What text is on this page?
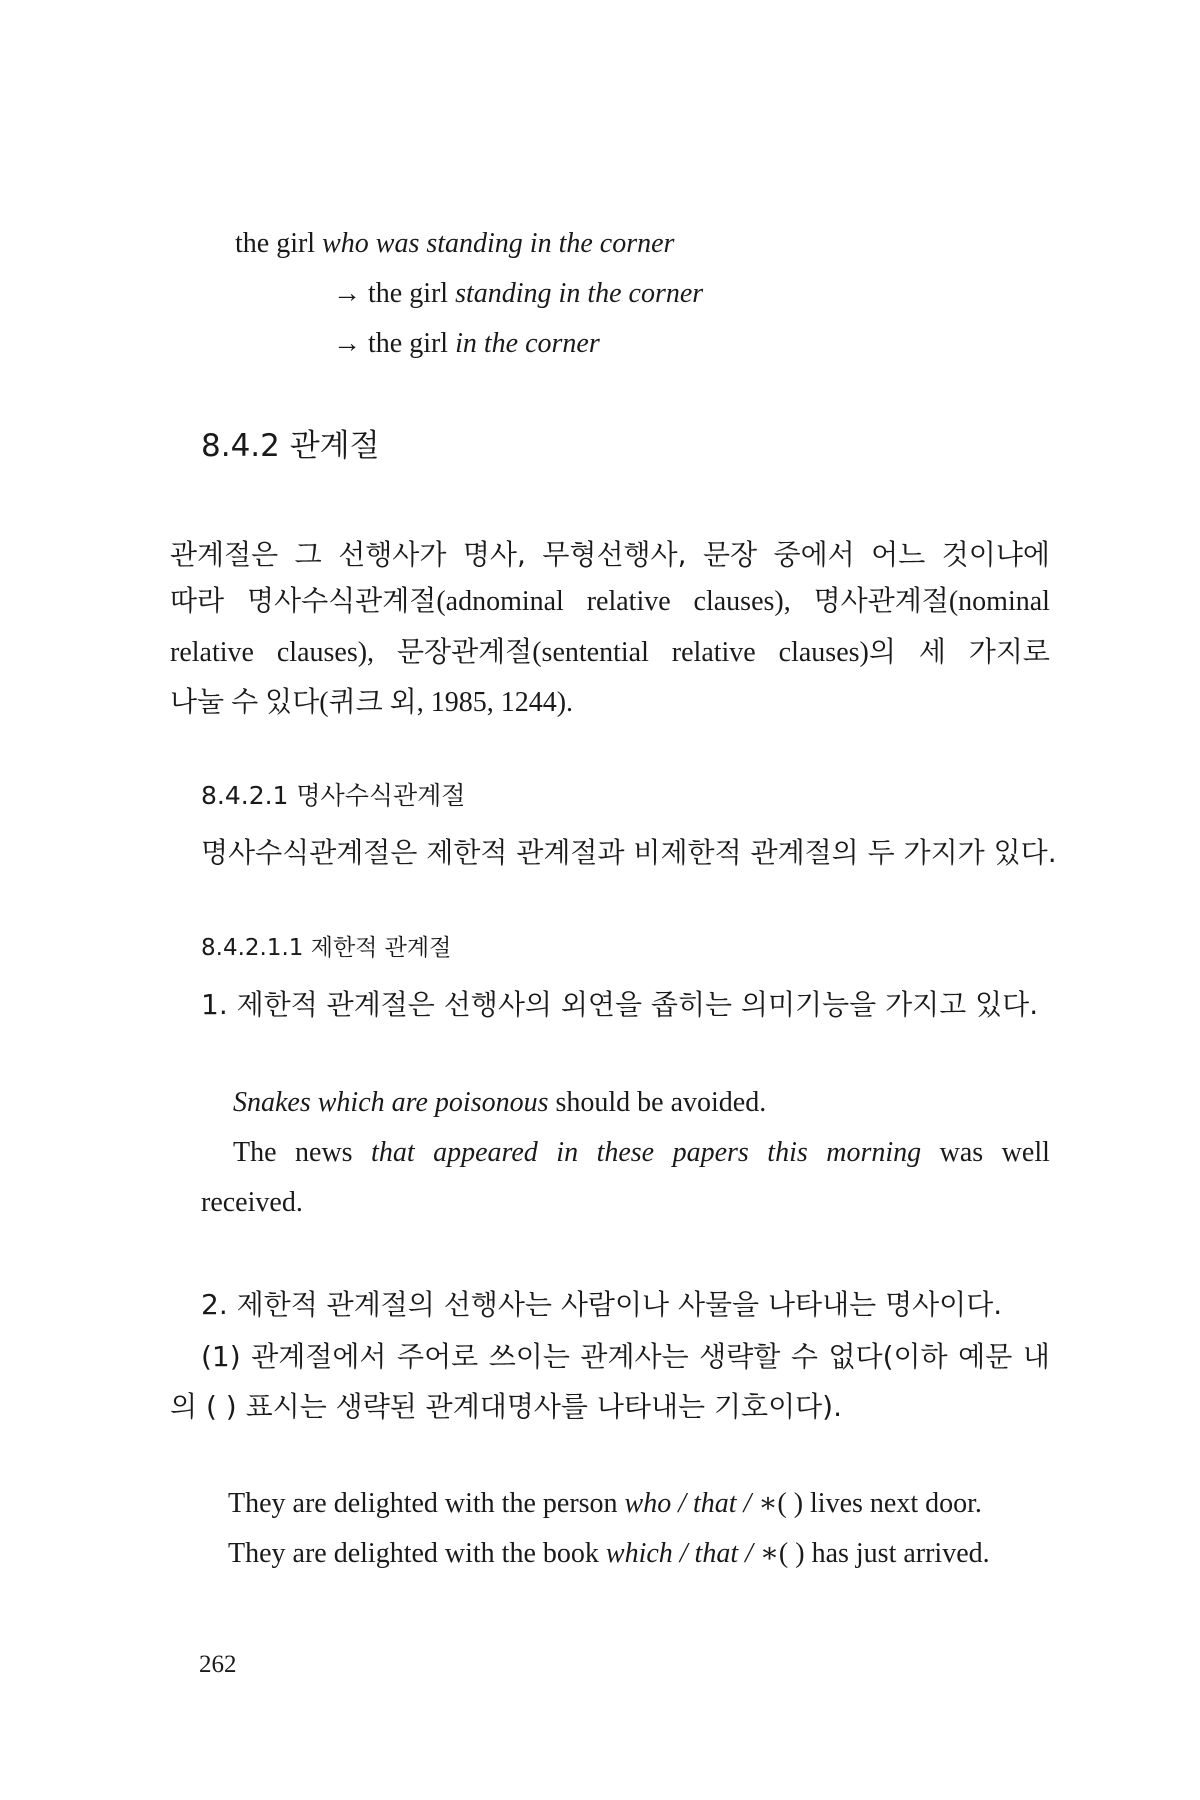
the girl who was standing in the corner
→ the girl standing in the corner
→ the girl in the corner
8.4.2 관계절
관계절은 그 선행사가 명사, 무형선행사, 문장 중에서 어느 것이냐에
따라 명사수식관계절(adnominal relative clauses), 명사관계절(nominal
relative clauses), 문장관계절(sentential relative clauses)의 세 가지로
나눌 수 있다(퀴크 외, 1985, 1244).
8.4.2.1 명사수식관계절
명사수식관계절은 제한적 관계절과 비제한적 관계절의 두 가지가 있다.
8.4.2.1.1 제한적 관계절
1. 제한적 관계절은 선행사의 외연을 좁히는 의미기능을 가지고 있다.
Snakes which are poisonous should be avoided.
The news that appeared in these papers this morning was well
received.
2. 제한적 관계절의 선행사는 사람이나 사물을 나타내는 명사이다.
(1) 관계절에서 주어로 쓰이는 관계사는 생략할 수 없다(이하 예문 내
의 ( ) 표시는 생략된 관계대명사를 나타내는 기호이다).
They are delighted with the person who / that / ∗( ) lives next door.
They are delighted with the book which / that / ∗( ) has just arrived.
262
